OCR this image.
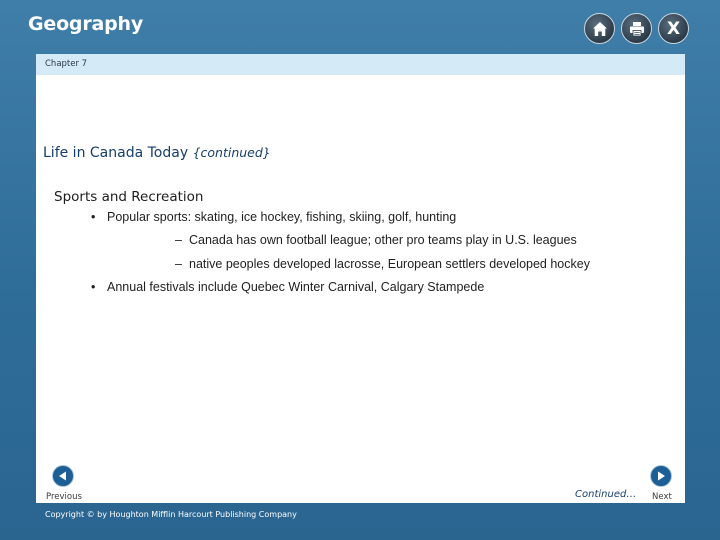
Geography	X
Chapter 7
Life in Canada Today {continued}
Sports and Recreation
• Popular sports: skating, ice hockey, fishing, skiing, golf, hunting
– Canada has own football league; other pro teams play in U.S. leagues
– native peoples developed lacrosse, European settlers developed hockey
• Annual festivals include Quebec Winter Carnival, Calgary Stampede
Previous	Continued… Next
Copyright © by Houghton Mifflin Harcourt Publishing Company
